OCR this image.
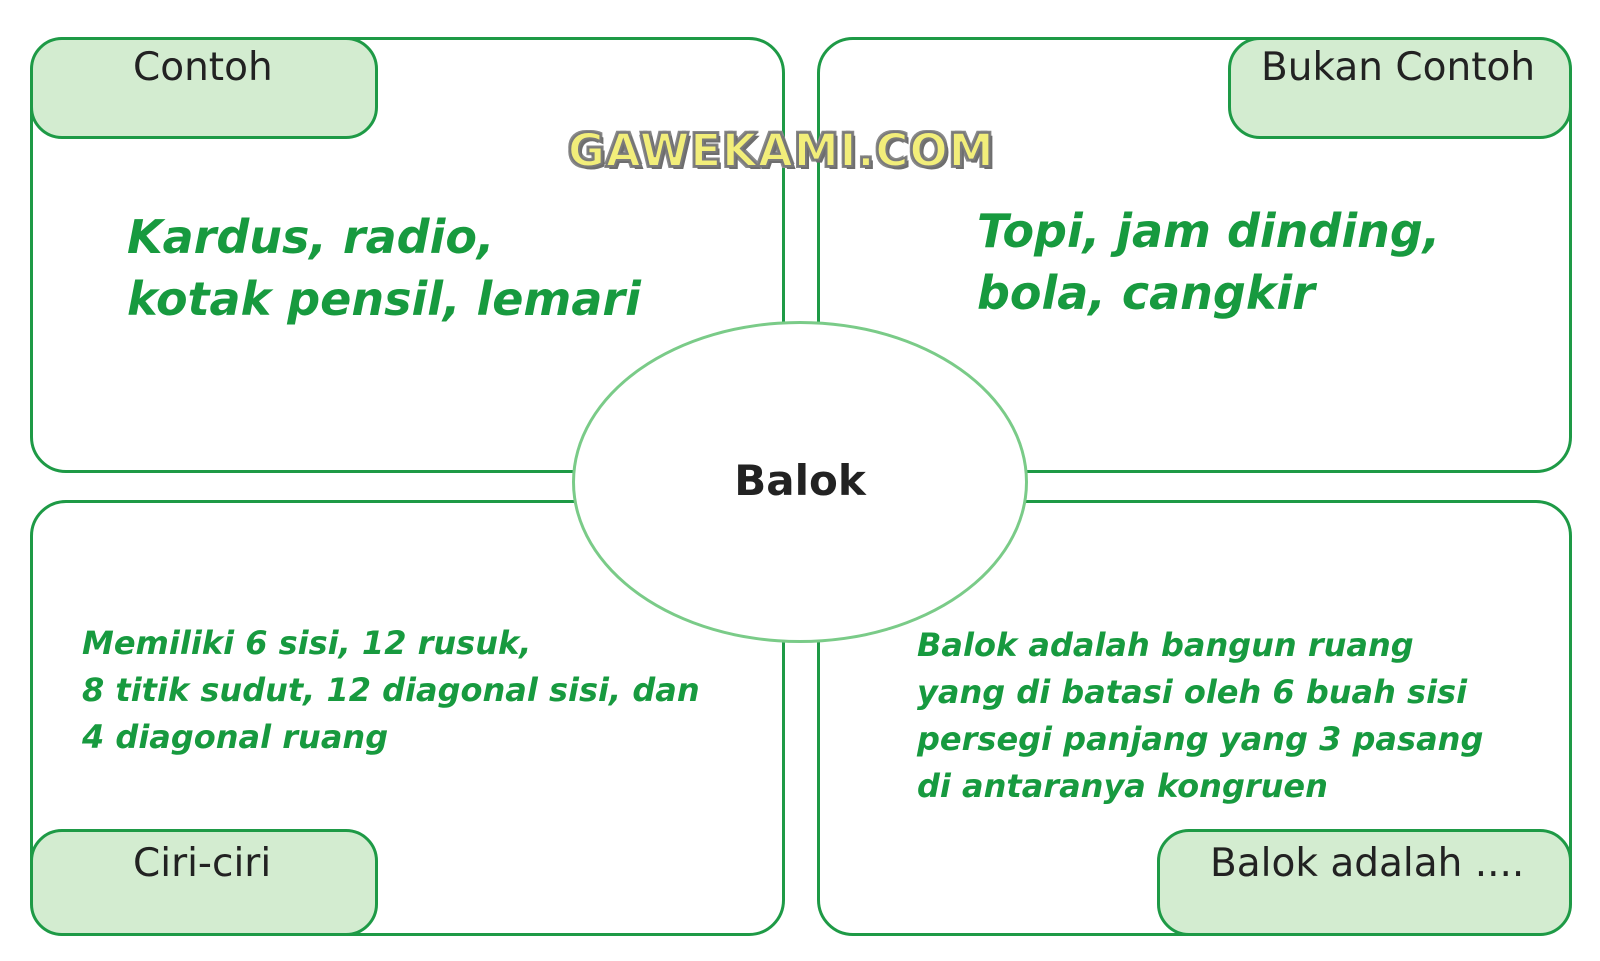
Contoh
Kardus, radio,
kotak pensil, lemari
Bukan Contoh
Topi, jam dinding,
bola, cangkir
Ciri-ciri
Memiliki 6 sisi, 12 rusuk,
8 titik sudut, 12 diagonal sisi, dan
4 diagonal ruang
Balok adalah ....
Balok adalah bangun ruang
yang di batasi oleh 6 buah sisi
persegi panjang yang 3 pasang
di antaranya kongruen
Balok
GAWEKAMI.COM
